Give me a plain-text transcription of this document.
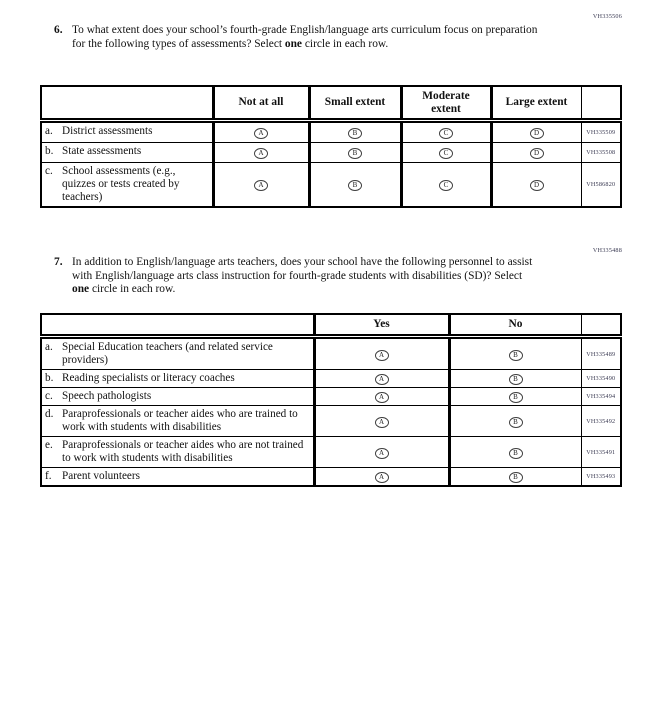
VH335506
6. To what extent does your school’s fourth-grade English/language arts curriculum focus on preparation for the following types of assessments? Select one circle in each row.
	Not at all	Small extent	Moderate extent	Large extent	

a. District assessments	A	B	C	D	VH335509

b. State assessments	A	B	C	D	VH335508

c. School assessments (e.g., quizzes or tests created by teachers)	A	B	C	D	VH586820
VH335488
7. In addition to English/language arts teachers, does your school have the following personnel to assist with English/language arts class instruction for fourth-grade students with disabilities (SD)? Select one circle in each row.
	Yes	No	

a. Special Education teachers (and related service providers)	A	B	VH335489

b. Reading specialists or literacy coaches	A	B	VH335490

c. Speech pathologists	A	B	VH335494

d. Paraprofessionals or teacher aides who are trained to work with students with disabilities	A	B	VH335492

e. Paraprofessionals or teacher aides who are not trained to work with students with disabilities	A	B	VH335491

f. Parent volunteers	A	B	VH335493
